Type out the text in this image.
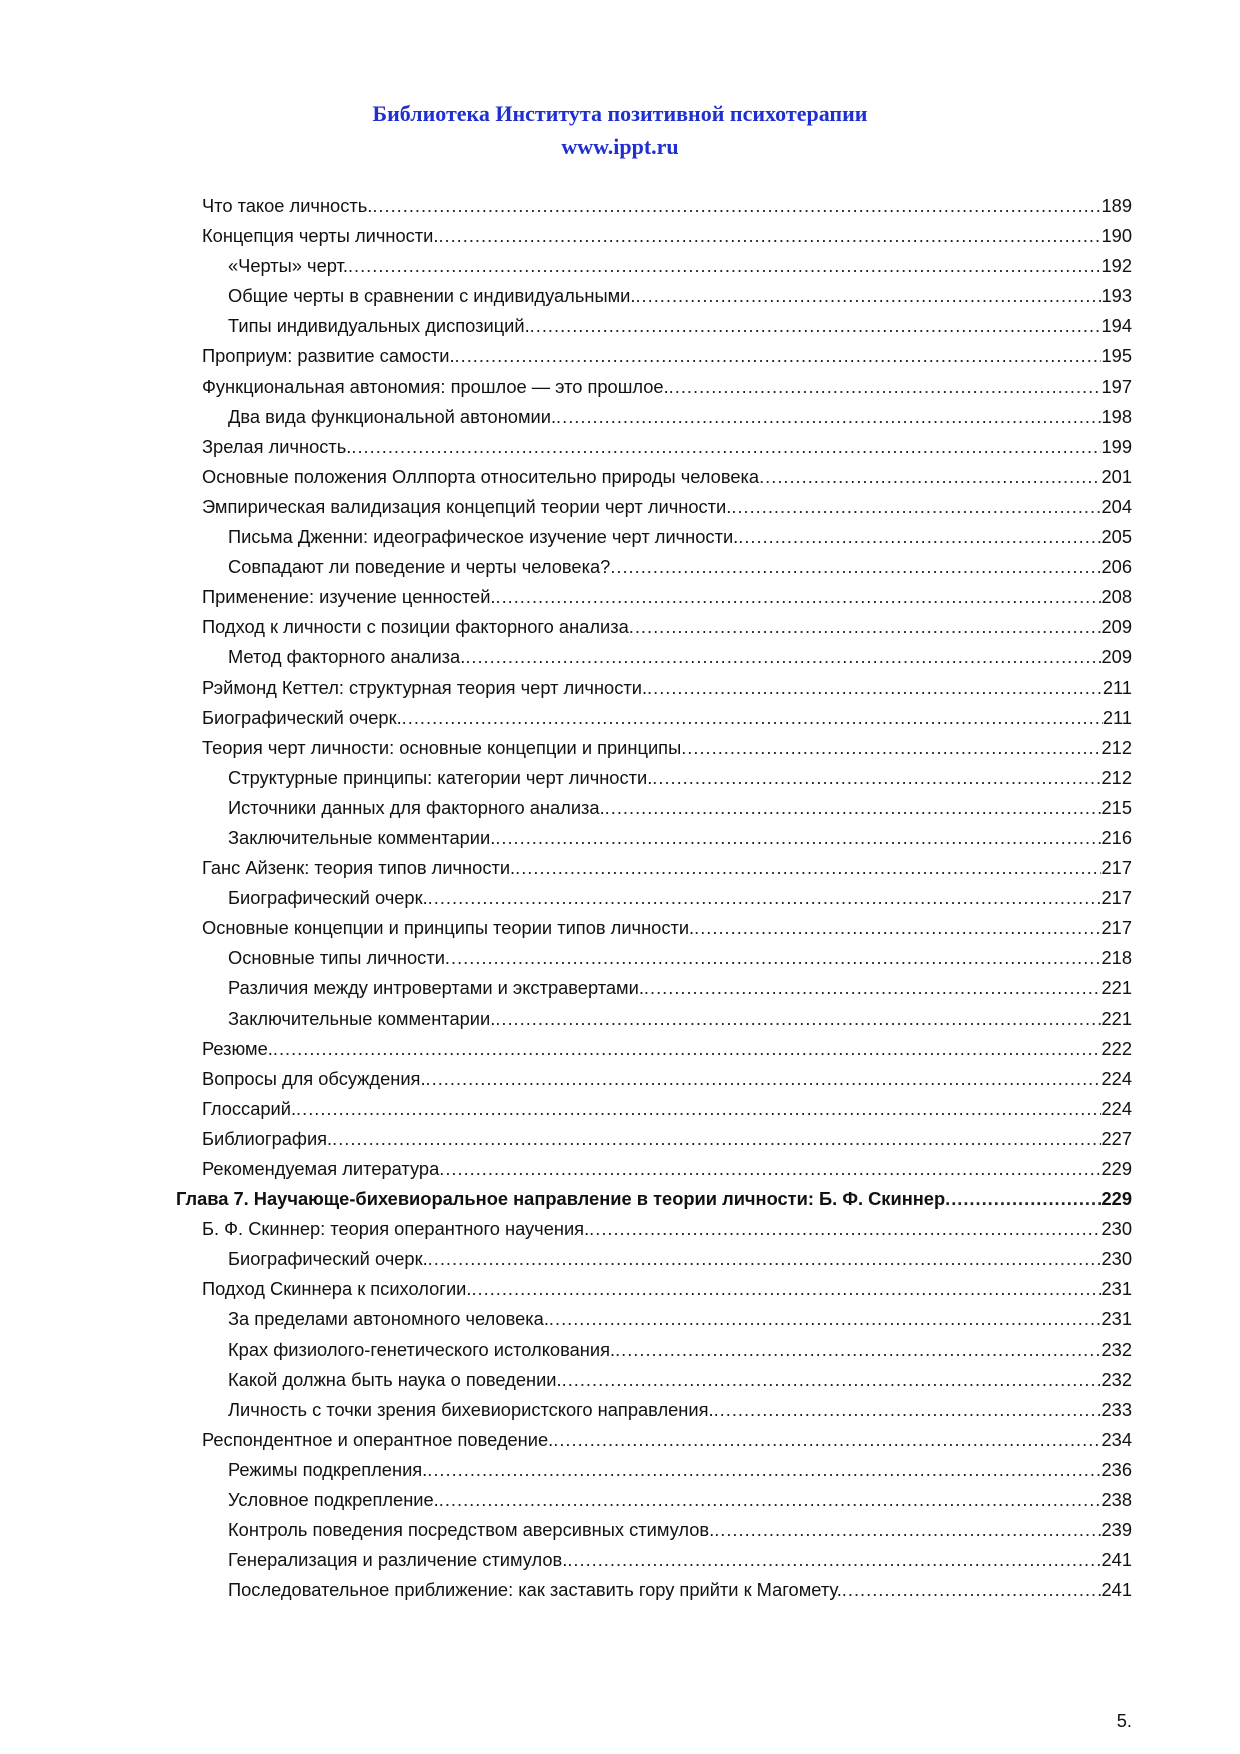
Библиотека Института позитивной психотерапии
www.ippt.ru
Что такое личность. .....	189
Концепция черты личности. .....	190
«Черты» черт. .....	192
Общие черты в сравнении с индивидуальными. .....	193
Типы индивидуальных диспозиций. .....	194
Проприум: развитие самости. .....	195
Функциональная автономия: прошлое — это прошлое. .....	197
Два вида функциональной автономии. .....	198
Зрелая личность. .....	199
Основные положения Оллпорта относительно природы человека .....	201
Эмпирическая валидизация концепций теории черт личности. .....	204
Письма Дженни: идеографическое изучение черт личности. .....	205
Совпадают ли поведение и черты человека? .....	206
Применение: изучение ценностей. .....	208
Подход к личности с позиции факторного анализа .....	209
Метод факторного анализа. .....	209
Рэймонд Кеттел: структурная теория черт личности. .....	211
Биографический очерк. .....	211
Теория черт личности: основные концепции и принципы .....	212
Структурные принципы: категории черт личности. .....	212
Источники данных для факторного анализа. .....	215
Заключительные комментарии. .....	216
Ганс Айзенк: теория типов личности. .....	217
Биографический очерк. .....	217
Основные концепции и принципы теории типов личности. .....	217
Основные типы личности .....	218
Различия между интровертами и экстравертами. .....	221
Заключительные комментарии. .....	221
Резюме. .....	222
Вопросы для обсуждения. .....	224
Глоссарий. .....	224
Библиография. .....	227
Рекомендуемая литература .....	229
Глава 7. Научающе-бихевиоральное направление в теории личности: Б. Ф. Скиннер .....	229
Б. Ф. Скиннер: теория оперантного научения. .....	230
Биографический очерк. .....	230
Подход Скиннера к психологии. .....	231
За пределами автономного человека. .....	231
Крах физиолого-генетического истолкования. .....	232
Какой должна быть наука о поведении. .....	232
Личность с точки зрения бихевиористского направления. .....	233
Респондентное и оперантное поведение. .....	234
Режимы подкрепления. .....	236
Условное подкрепление. .....	238
Контроль поведения посредством аверсивных стимулов. .....	239
Генерализация и различение стимулов. .....	241
Последовательное приближение: как заставить гору прийти к Магомету. .....	241
5.
